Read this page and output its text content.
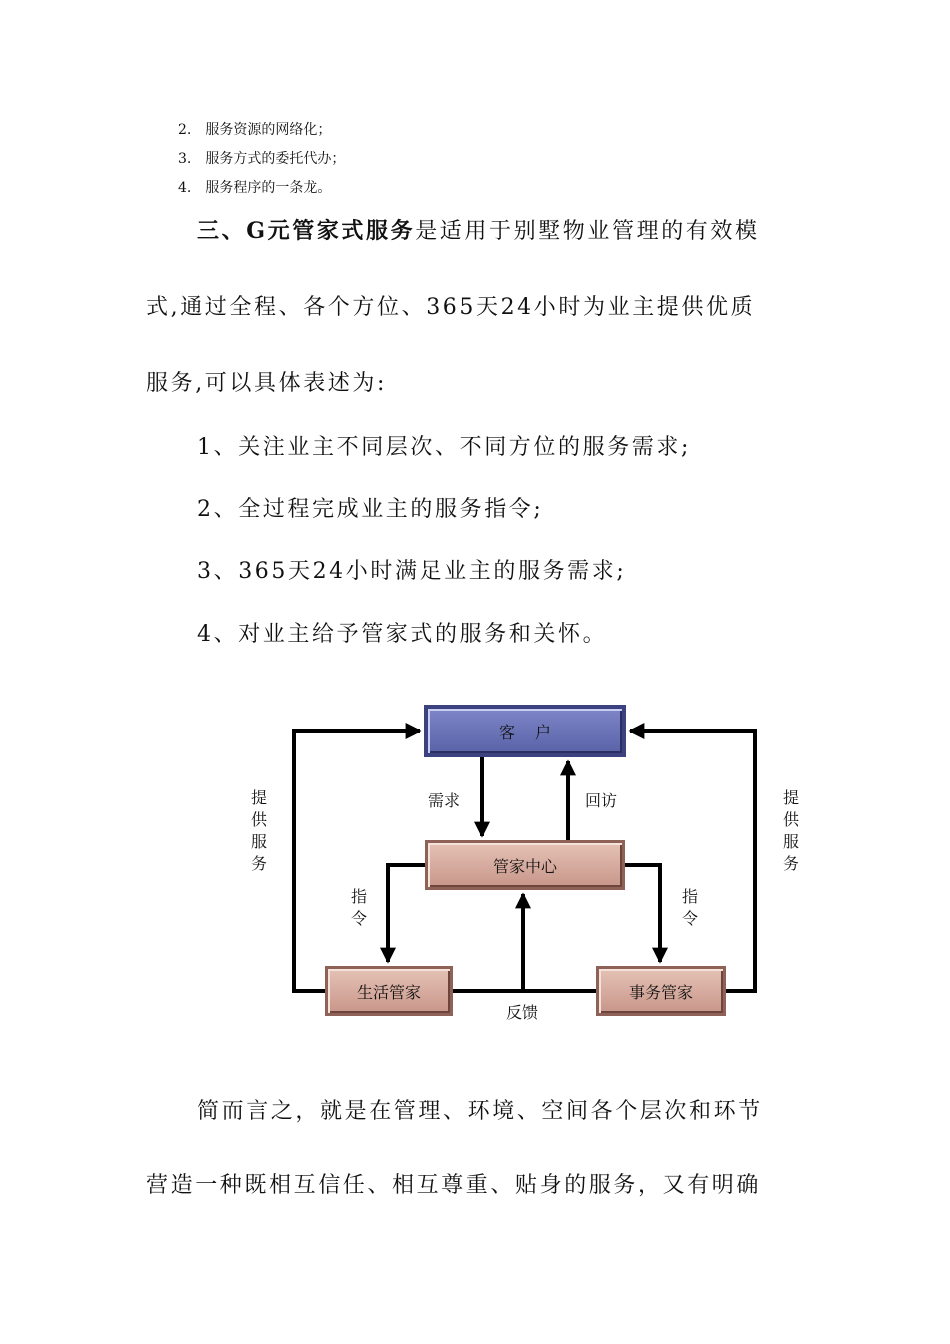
2. 服务资源的网络化；
3. 服务方式的委托代办；
4. 服务程序的一条龙。
三、G元管家式服务是适用于别墅物业管理的有效模
式,通过全程、各个方位、365天24小时为业主提供优质
服务,可以具体表述为:
1、关注业主不同层次、不同方位的服务需求;
2、全过程完成业主的服务指令;
3、365天24小时满足业主的服务需求;
4、对业主给予管家式的服务和关怀。
客户
管家中心
生活管家	事务管家
需求	回访
指令
指令
反馈
提供服务
提供服务
简而言之，就是在管理、环境、空间各个层次和环节
营造一种既相互信任、相互尊重、贴身的服务，又有明确
